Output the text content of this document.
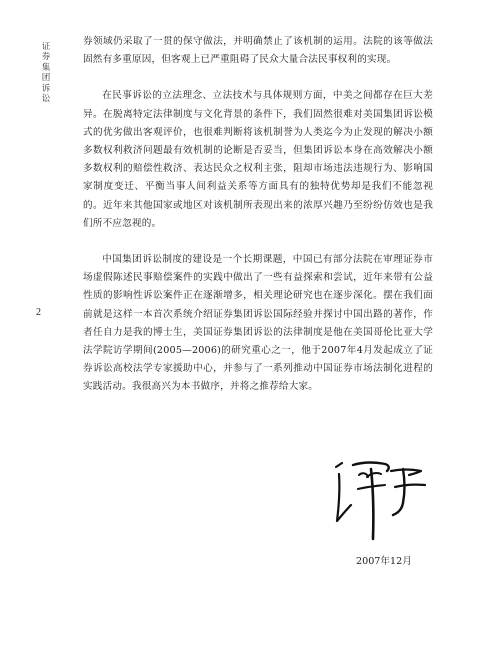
证券集团诉讼
2

券领域仍采取了一贯的保守做法，并明确禁止了该机制的运用。法院的该等做法固然有多重原因，但客观上已严重阻碍了民众大量合法民事权利的实现。

在民事诉讼的立法理念、立法技术与具体规则方面，中美之间都存在巨大差异。在脱离特定法律制度与文化背景的条件下，我们固然很难对美国集团诉讼模式的优劣做出客观评价，也很难判断将该机制誉为人类迄今为止发现的解决小额多数权利救济问题最有效机制的论断是否妥当，但集团诉讼本身在高效解决小额多数权利的赔偿性救济、表达民众之权利主张，阻却市场违法违规行为、影响国家制度变迁、平衡当事人间利益关系等方面具有的独特优势却是我们不能忽视的。近年来其他国家或地区对该机制所表现出来的浓厚兴趣乃至纷纷仿效也是我们所不应忽视的。

中国集团诉讼制度的建设是一个长期课题，中国已有部分法院在审理证券市场虚假陈述民事赔偿案件的实践中做出了一些有益探索和尝试，近年来带有公益性质的影响性诉讼案件正在逐渐增多，相关理论研究也在逐步深化。摆在我们面前就是这样一本首次系统介绍证券集团诉讼国际经验并探讨中国出路的著作，作者任自力是我的博士生，美国证券集团诉讼的法律制度是他在美国哥伦比亚大学法学院访学期间(2005—2006)的研究重心之一，他于2007年4月发起成立了证券诉讼高校法学专家援助中心，并参与了一系列推动中国证券市场法制化进程的实践活动。我很高兴为本书做序，并将之推荐给大家。

2007年12月
